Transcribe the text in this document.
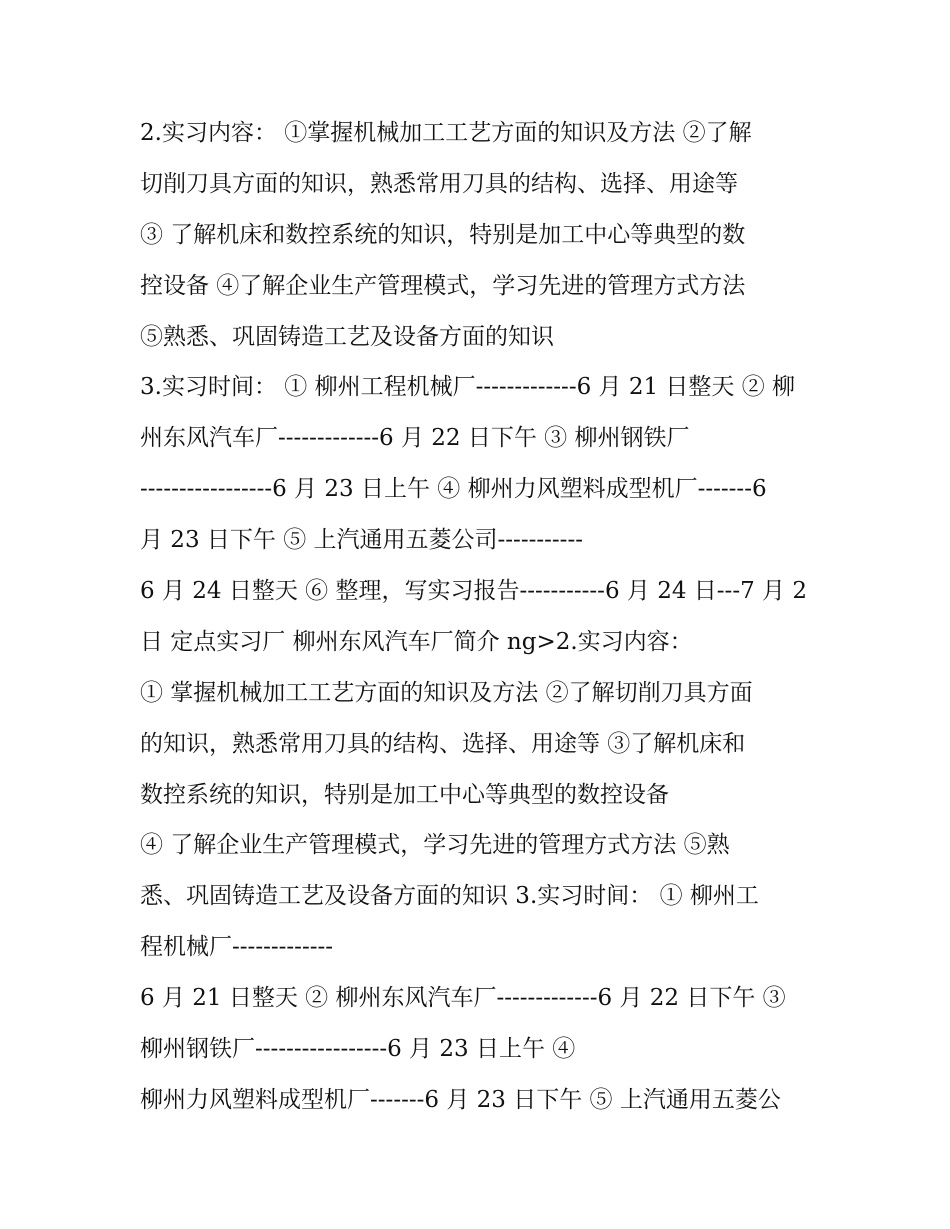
2.实习内容： ①掌握机械加工工艺方面的知识及方法 ②了解
切削刀具方面的知识，熟悉常用刀具的结构、选择、用途等
③ 了解机床和数控系统的知识，特别是加工中心等典型的数
控设备 ④了解企业生产管理模式，学习先进的管理方式方法
⑤熟悉、巩固铸造工艺及设备方面的知识
3.实习时间： ① 柳州工程机械厂-------------6 月 21 日整天 ② 柳
州东风汽车厂-------------6 月 22 日下午 ③ 柳州钢铁厂
-----------------6 月 23 日上午 ④ 柳州力风塑料成型机厂-------6
月 23 日下午 ⑤ 上汽通用五菱公司-----------
6 月 24 日整天 ⑥ 整理，写实习报告-----------6 月 24 日---7 月 2
日 定点实习厂 柳州东风汽车厂简介 ng>2.实习内容：
① 掌握机械加工工艺方面的知识及方法 ②了解切削刀具方面
的知识，熟悉常用刀具的结构、选择、用途等 ③了解机床和
数控系统的知识，特别是加工中心等典型的数控设备
④ 了解企业生产管理模式，学习先进的管理方式方法 ⑤熟
悉、巩固铸造工艺及设备方面的知识 3.实习时间： ① 柳州工
程机械厂-------------
6 月 21 日整天 ② 柳州东风汽车厂-------------6 月 22 日下午 ③
柳州钢铁厂-----------------6 月 23 日上午 ④
柳州力风塑料成型机厂-------6 月 23 日下午 ⑤ 上汽通用五菱公
